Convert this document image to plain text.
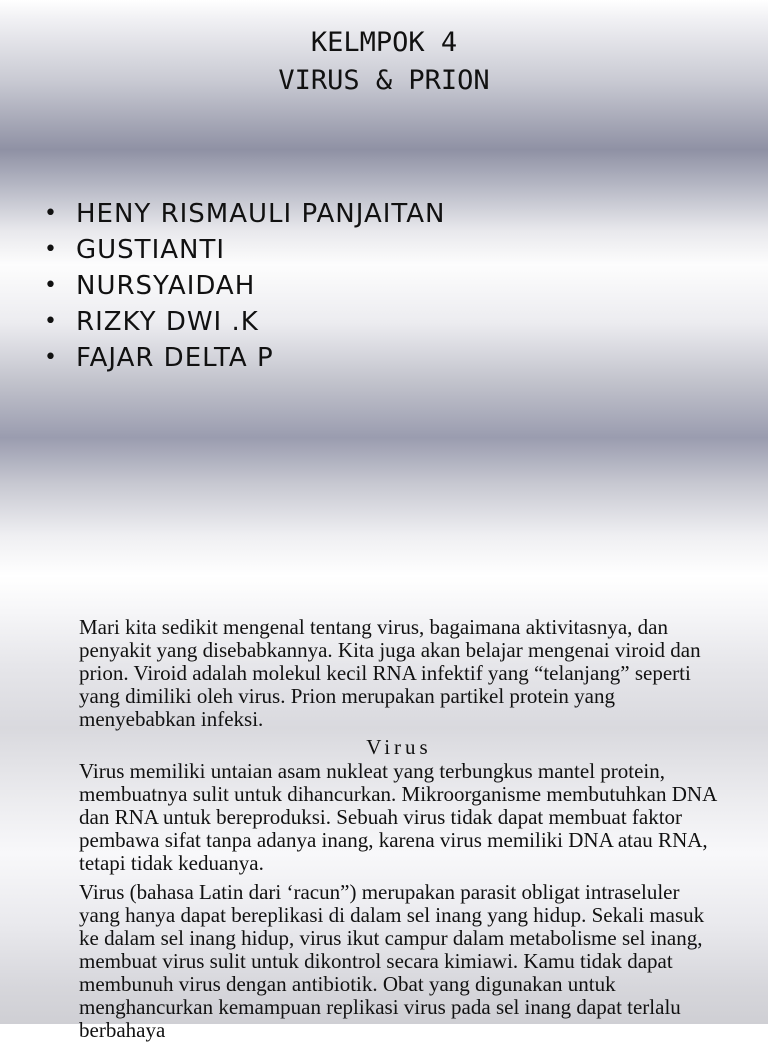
KELMPOK 4
VIRUS & PRION
• HENY RISMAULI PANJAITAN
• GUSTIANTI
• NURSYAIDAH
• RIZKY DWI .K
• FAJAR DELTA P

Mari kita sedikit mengenal tentang virus, bagaimana aktivitasnya, dan penyakit yang disebabkannya. Kita juga akan belajar mengenai viroid dan prion. Viroid adalah molekul kecil RNA infektif yang “telanjang” seperti yang dimiliki oleh virus. Prion merupakan partikel protein yang menyebabkan infeksi.

Virus

Virus memiliki untaian asam nukleat yang terbungkus mantel protein, membuatnya sulit untuk dihancurkan. Mikroorganisme membutuhkan DNA dan RNA untuk bereproduksi. Sebuah virus tidak dapat membuat faktor pembawa sifat tanpa adanya inang, karena virus memiliki DNA atau RNA, tetapi tidak keduanya.

Virus (bahasa Latin dari ‘racun”) merupakan parasit obligat intraseluler yang hanya dapat bereplikasi di dalam sel inang yang hidup. Sekali masuk ke dalam sel inang hidup, virus ikut campur dalam metabolisme sel inang, membuat virus sulit untuk dikontrol secara kimiawi. Kamu tidak dapat membunuh virus dengan antibiotik. Obat yang digunakan untuk menghancurkan kemampuan replikasi virus pada sel inang dapat terlalu berbahaya
